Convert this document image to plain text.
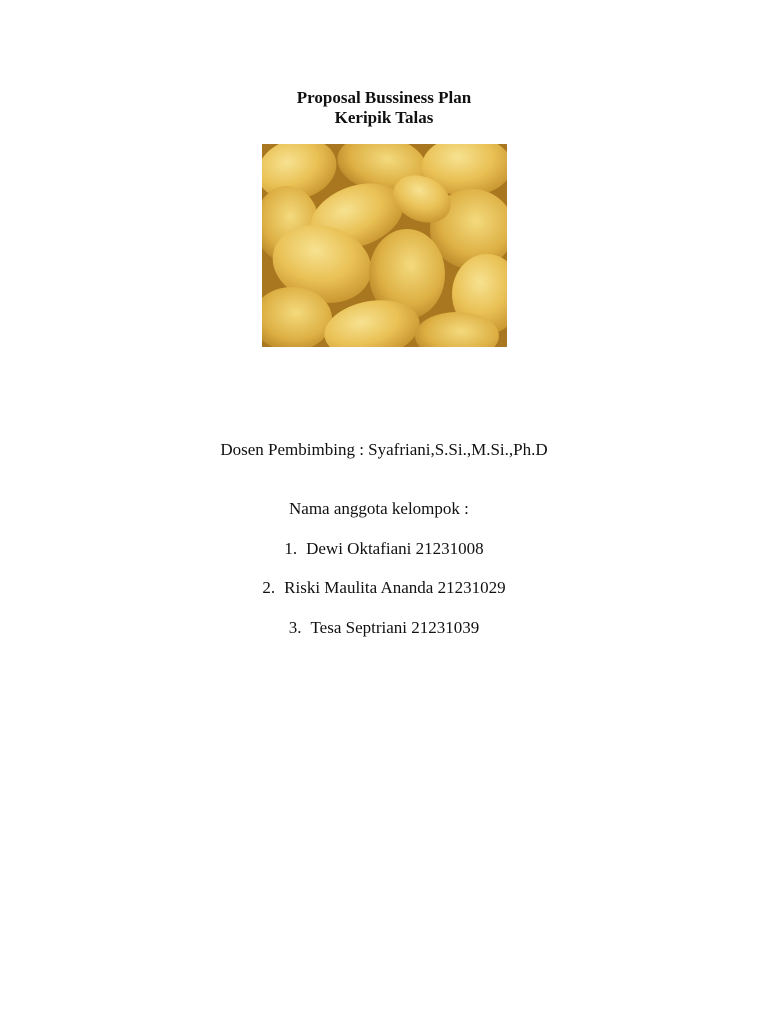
Proposal Bussiness Plan
Keripik Talas
Dosen Pembimbing : Syafriani,S.Si.,M.Si.,Ph.D
Nama anggota kelompok :
1. Dewi Oktafiani 21231008
2. Riski Maulita Ananda 21231029
3. Tesa Septriani 21231039
